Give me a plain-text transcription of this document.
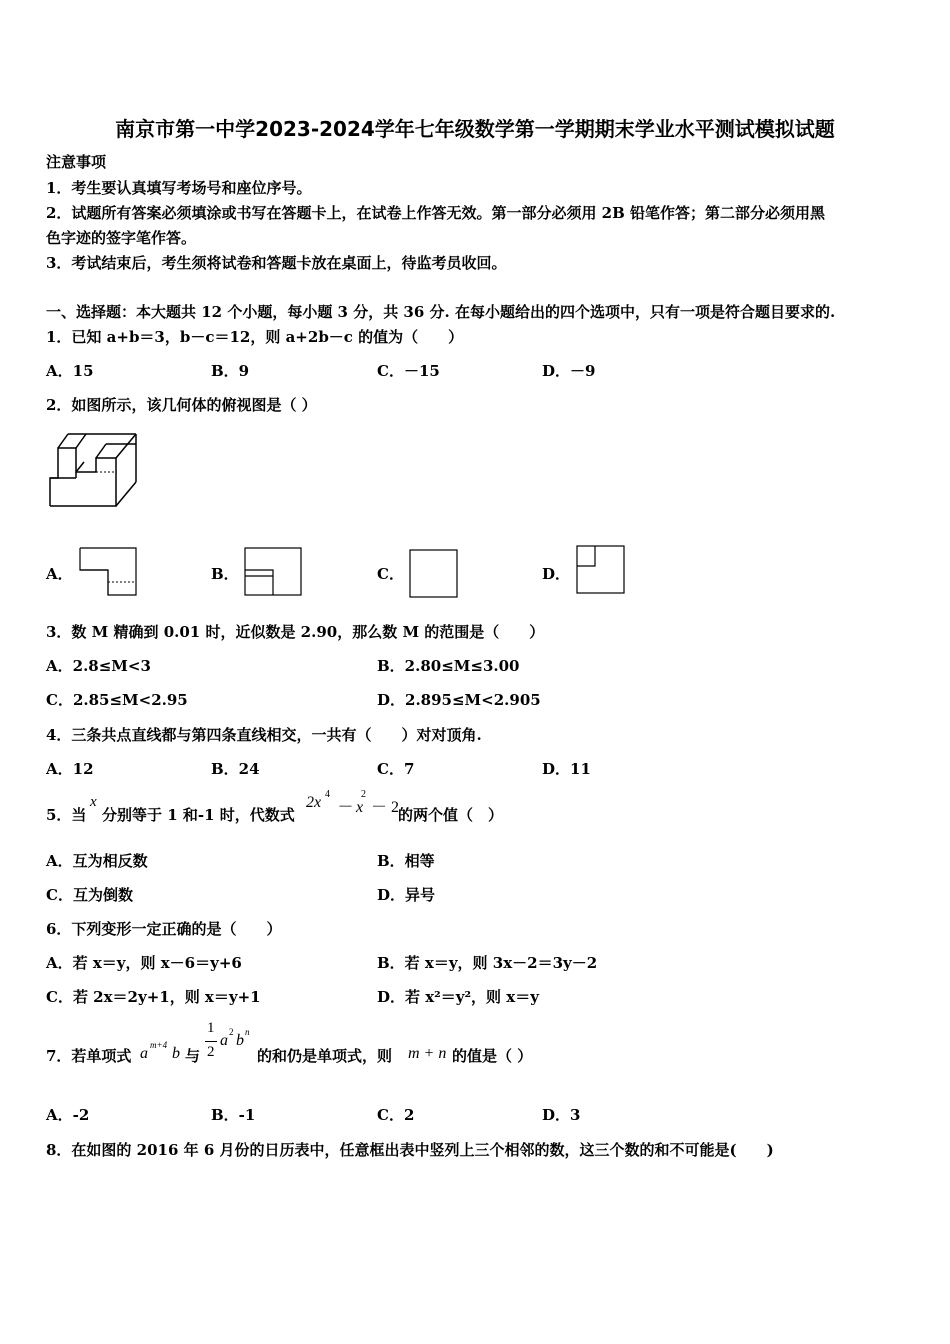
南京市第一中学2023-2024学年七年级数学第一学期期末学业水平测试模拟试题
注意事项
1．考生要认真填写考场号和座位序号。
2．试题所有答案必须填涂或书写在答题卡上，在试卷上作答无效。第一部分必须用 2B 铅笔作答；第二部分必须用黑
色字迹的签字笔作答。
3．考试结束后，考生须将试卷和答题卡放在桌面上，待监考员收回。
一、选择题：本大题共 12 个小题，每小题 3 分，共 36 分. 在每小题给出的四个选项中，只有一项是符合题目要求的.
1．已知 a+b＝3，b－c＝12，则 a+2b－c 的值为（　　）
A．15	B．9	C．－15	D．－9
2．如图所示，该几何体的俯视图是（ ）
A．	B．	C．	D．
3．数 M 精确到 0.01 时，近似数是 2.90，那么数 M 的范围是（　　）
A．2.8≤M<3	B．2.80≤M≤3.00
C．2.85≤M<2.95	D．2.895≤M<2.905
4．三条共点直线都与第四条直线相交，一共有（　　）对对顶角.
A．12	B．24	C．7	D．11
5．当
x
分别等于 1 和-1 时，代数式
2x 4
－ x
2
－ 2
的两个值（　）
A．互为相反数	B．相等
C．互为倒数	D．异号
6．下列变形一定正确的是（　　）
A．若 x＝y，则 x－6＝y+6	B．若 x＝y，则 3x－2＝3y－2
C．若 2x＝2y+1，则 x＝y+1	D．若 x²＝y²，则 x＝y
7．若单项式 a m+4 b 与
1
2
a 2 b n
的和仍是单项式，则 m + n 的值是（ ）
A．-2	B．-1	C．2	D．3
8．在如图的 2016 年 6 月份的日历表中，任意框出表中竖列上三个相邻的数，这三个数的和不可能是(　　)
